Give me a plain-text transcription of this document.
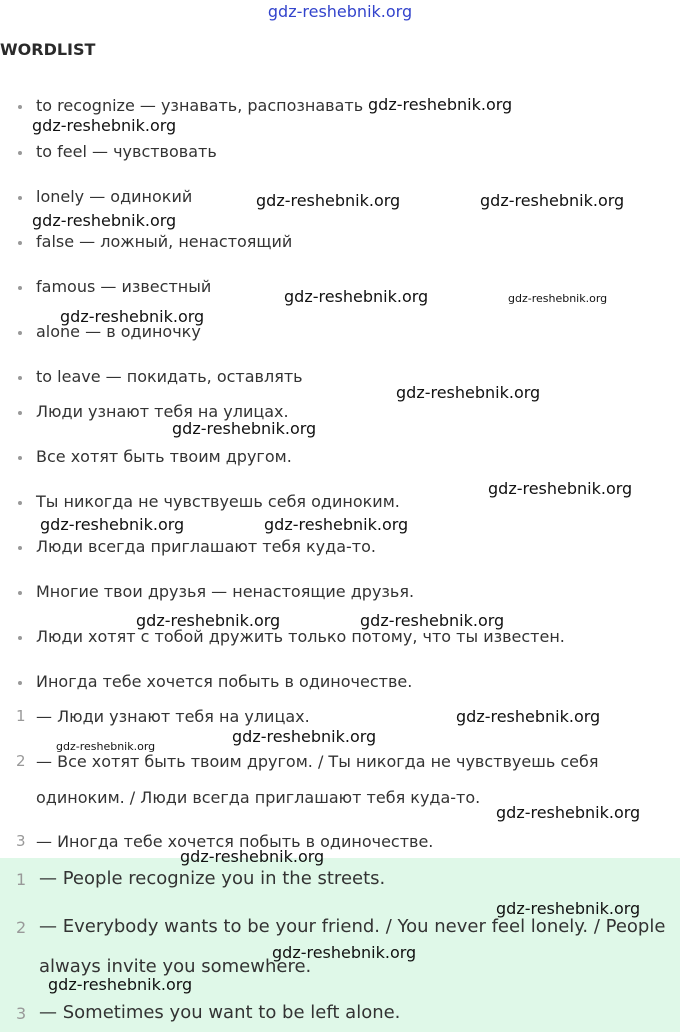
gdz-reshebnik.org
WORDLIST
to recognize — узнавать, распознавать
to feel — чувствовать
lonely — одинокий
false — ложный, ненастоящий
famous — известный
alone — в одиночку
to leave — покидать, оставлять
Люди узнают тебя на улицах.
Все хотят быть твоим другом.
Ты никогда не чувствуешь себя одиноким.
Люди всегда приглашают тебя куда-то.
Многие твои друзья — ненастоящие друзья.
Люди хотят с тобой дружить только потому, что ты известен.
Иногда тебе хочется побыть в одиночестве.
1 — Люди узнают тебя на улицах.
2 — Все хотят быть твоим другом. / Ты никогда не чувствуешь себя
одиноким. / Люди всегда приглашают тебя куда-то.
3 — Иногда тебе хочется побыть в одиночестве.
1 — People recognize you in the streets.
2 — Everybody wants to be your friend. / You never feel lonely. / People
always invite you somewhere.
3 — Sometimes you want to be left alone.
gdz-reshebnik.org
gdz-reshebnik.org
gdz-reshebnik.org	gdz-reshebnik.org
gdz-reshebnik.org
gdz-reshebnik.org	gdz-reshebnik.org
gdz-reshebnik.org
gdz-reshebnik.org
gdz-reshebnik.org
gdz-reshebnik.org
gdz-reshebnik.org	gdz-reshebnik.org
gdz-reshebnik.org	gdz-reshebnik.org
gdz-reshebnik.org
gdz-reshebnik.org
gdz-reshebnik.org
gdz-reshebnik.org
gdz-reshebnik.org
gdz-reshebnik.org
gdz-reshebnik.org
gdz-reshebnik.org
